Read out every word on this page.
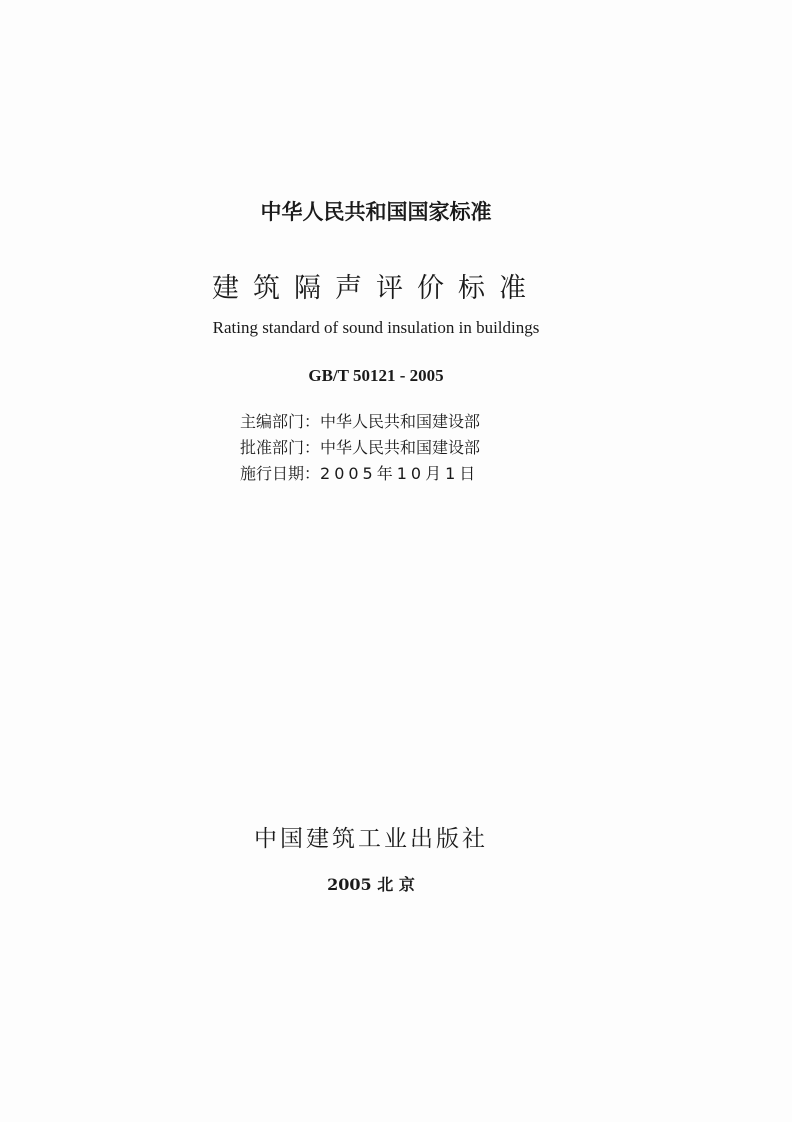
中华人民共和国国家标准
建筑隔声评价标准
Rating standard of sound insulation in buildings
GB/T 50121 - 2005
主编部门：中华人民共和国建设部
批准部门：中华人民共和国建设部
施行日期：2005年10月1日
中国建筑工业出版社
2005 北 京
